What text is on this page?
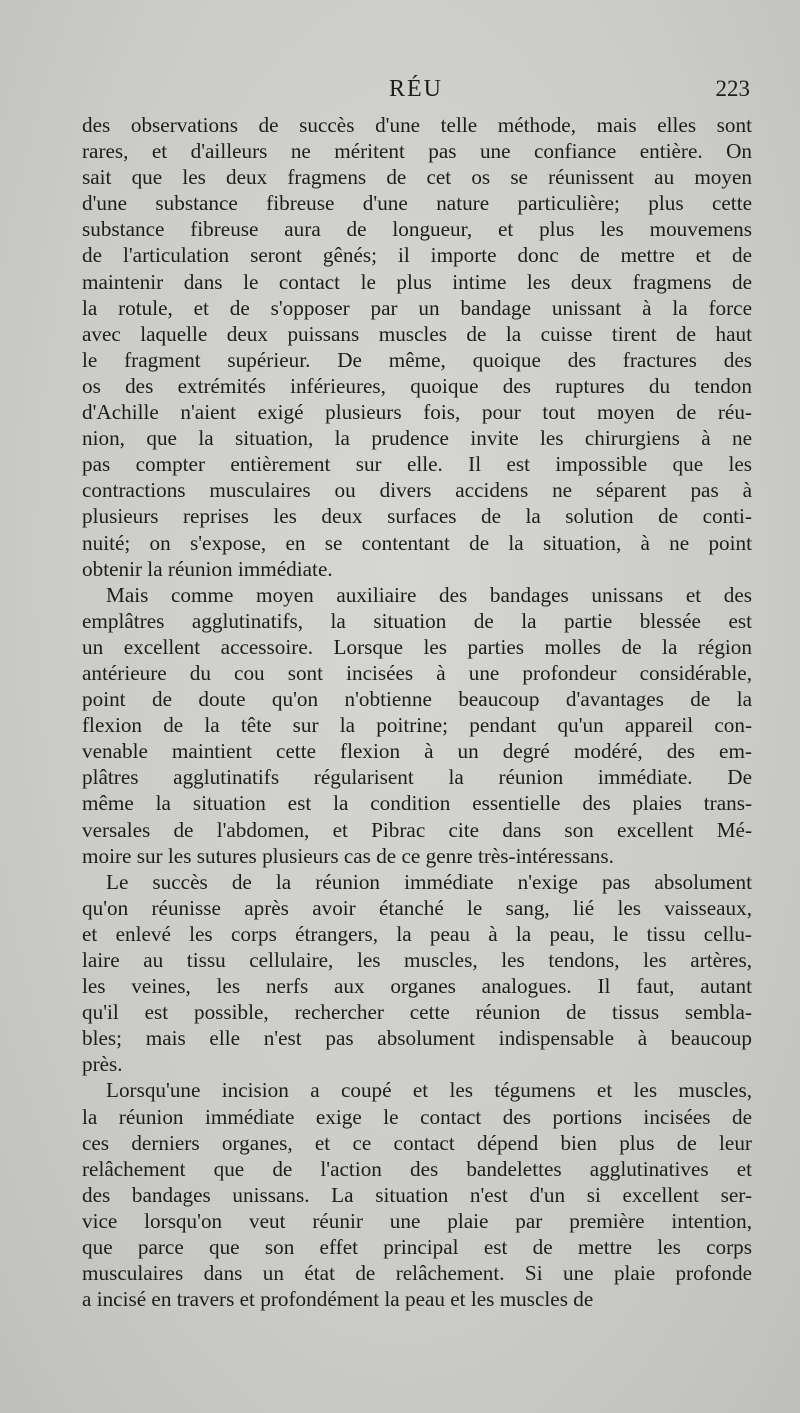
RÉU	223
des observations de succès d'une telle méthode, mais elles sont
rares, et d'ailleurs ne méritent pas une confiance entière. On
sait que les deux fragmens de cet os se réunissent au moyen
d'une substance fibreuse d'une nature particulière; plus cette
substance fibreuse aura de longueur, et plus les mouvemens
de l'articulation seront gênés; il importe donc de mettre et de
maintenir dans le contact le plus intime les deux fragmens de
la rotule, et de s'opposer par un bandage unissant à la force
avec laquelle deux puissans muscles de la cuisse tirent de haut
le fragment supérieur. De même, quoique des fractures des
os des extrémités inférieures, quoique des ruptures du tendon
d'Achille n'aient exigé plusieurs fois, pour tout moyen de réu-
nion, que la situation, la prudence invite les chirurgiens à ne
pas compter entièrement sur elle. Il est impossible que les
contractions musculaires ou divers accidens ne séparent pas à
plusieurs reprises les deux surfaces de la solution de conti-
nuité; on s'expose, en se contentant de la situation, à ne point
obtenir la réunion immédiate.
Mais comme moyen auxiliaire des bandages unissans et des
emplâtres agglutinatifs, la situation de la partie blessée est
un excellent accessoire. Lorsque les parties molles de la région
antérieure du cou sont incisées à une profondeur considérable,
point de doute qu'on n'obtienne beaucoup d'avantages de la
flexion de la tête sur la poitrine; pendant qu'un appareil con-
venable maintient cette flexion à un degré modéré, des em-
plâtres agglutinatifs régularisent la réunion immédiate. De
même la situation est la condition essentielle des plaies trans-
versales de l'abdomen, et Pibrac cite dans son excellent Mé-
moire sur les sutures plusieurs cas de ce genre très-intéressans.
Le succès de la réunion immédiate n'exige pas absolument
qu'on réunisse après avoir étanché le sang, lié les vaisseaux,
et enlevé les corps étrangers, la peau à la peau, le tissu cellu-
laire au tissu cellulaire, les muscles, les tendons, les artères,
les veines, les nerfs aux organes analogues. Il faut, autant
qu'il est possible, rechercher cette réunion de tissus sembla-
bles; mais elle n'est pas absolument indispensable à beaucoup
près.
Lorsqu'une incision a coupé et les tégumens et les muscles,
la réunion immédiate exige le contact des portions incisées de
ces derniers organes, et ce contact dépend bien plus de leur
relâchement que de l'action des bandelettes agglutinatives et
des bandages unissans. La situation n'est d'un si excellent ser-
vice lorsqu'on veut réunir une plaie par première intention,
que parce que son effet principal est de mettre les corps
musculaires dans un état de relâchement. Si une plaie profonde
a incisé en travers et profondément la peau et les muscles de
